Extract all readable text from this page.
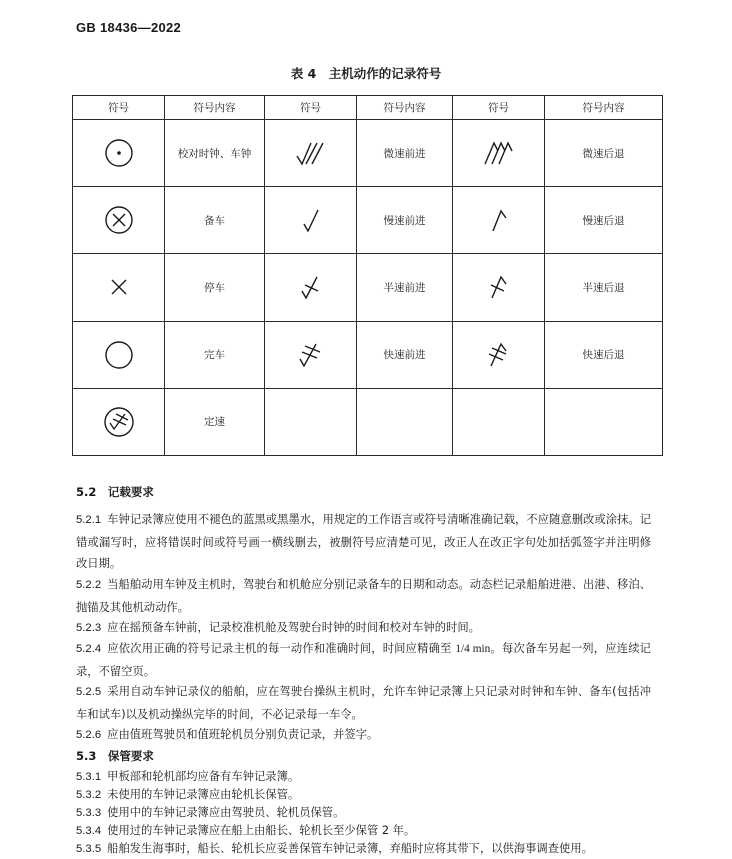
GB 18436—2022
表 4　主机动作的记录符号
符号	符号内容	符号	符号内容	符号	符号内容

	校对时钟、车钟		微速前进		微速后退

	备车		慢速前进		慢速后退

	停车		半速前进		半速后退

	完车		快速前进		快速后退

	定速				
5.2　记载要求
5.2.1 车钟记录簿应使用不褪色的蓝黑或黑墨水，用规定的工作语言或符号清晰准确记载，不应随意删改或涂抹。记错或漏写时，应将错误时间或符号画一横线删去，被删符号应清楚可见，改正人在改正字句处加括弧签字并注明修改日期。
5.2.2 当船舶动用车钟及主机时，驾驶台和机舱应分别记录备车的日期和动态。动态栏记录船舶进港、出港、移泊、抛锚及其他机动动作。
5.2.3 应在摇预备车钟前，记录校准机舱及驾驶台时钟的时间和校对车钟的时间。
5.2.4 应依次用正确的符号记录主机的每一动作和准确时间，时间应精确至 1/4 min。每次备车另起一列，应连续记录，不留空页。
5.2.5 采用自动车钟记录仪的船舶，应在驾驶台操纵主机时，允许车钟记录簿上只记录对时钟和车钟、备车(包括冲车和试车)以及机动操纵完毕的时间，不必记录每一车令。
5.2.6 应由值班驾驶员和值班轮机员分别负责记录，并签字。
5.3　保管要求
5.3.1 甲板部和轮机部均应备有车钟记录簿。
5.3.2 未使用的车钟记录簿应由轮机长保管。
5.3.3 使用中的车钟记录簿应由驾驶员、轮机员保管。
5.3.4 使用过的车钟记录簿应在船上由船长、轮机长至少保管 2 年。
5.3.5 船舶发生海事时，船长、轮机长应妥善保管车钟记录簿，弃船时应将其带下，以供海事调查使用。
